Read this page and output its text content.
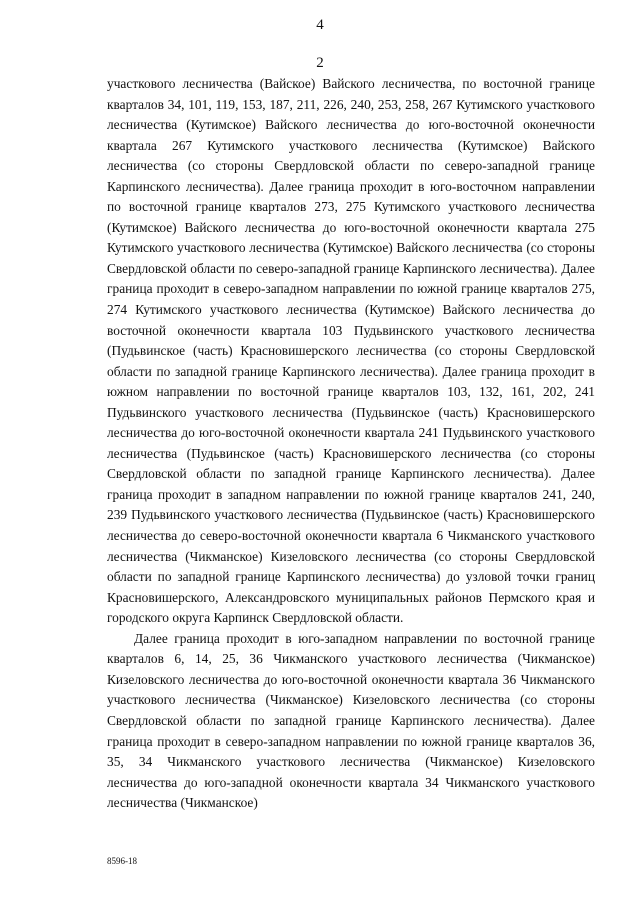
4
2

участкового лесничества (Вайское) Вайского лесничества, по восточной границе кварталов 34, 101, 119, 153, 187, 211, 226, 240, 253, 258, 267 Кутимского участкового лесничества (Кутимское) Вайского лесничества до юго-восточной оконечности квартала 267 Кутимского участкового лесничества (Кутимское) Вайского лесничества (со стороны Свердловской области по северо-западной границе Карпинского лесничества). Далее граница проходит в юго-восточном направлении по восточной границе кварталов 273, 275 Кутимского участкового лесничества (Кутимское) Вайского лесничества до юго-восточной оконечности квартала 275 Кутимского участкового лесничества (Кутимское) Вайского лесничества (со стороны Свердловской области по северо-западной границе Карпинского лесничества). Далее граница проходит в северо-западном направлении по южной границе кварталов 275, 274 Кутимского участкового лесничества (Кутимское) Вайского лесничества до восточной оконечности квартала 103 Пудьвинского участкового лесничества (Пудьвинское (часть) Красновишерского лесничества (со стороны Свердловской области по западной границе Карпинского лесничества). Далее граница проходит в южном направлении по восточной границе кварталов 103, 132, 161, 202, 241 Пудьвинского участкового лесничества (Пудьвинское (часть) Красновишерского лесничества до юго-восточной оконечности квартала 241 Пудьвинского участкового лесничества (Пудьвинское (часть) Красновишерского лесничества (со стороны Свердловской области по западной границе Карпинского лесничества). Далее граница проходит в западном направлении по южной границе кварталов 241, 240, 239 Пудьвинского участкового лесничества (Пудьвинское (часть) Красновишерского лесничества до северо-восточной оконечности квартала 6 Чикманского участкового лесничества (Чикманское) Кизеловского лесничества (со стороны Свердловской области по западной границе Карпинского лесничества) до узловой точки границ Красновишерского, Александровского муниципальных районов Пермского края и городского округа Карпинск Свердловской области.

Далее граница проходит в юго-западном направлении по восточной границе кварталов 6, 14, 25, 36 Чикманского участкового лесничества (Чикманское) Кизеловского лесничества до юго-восточной оконечности квартала 36 Чикманского участкового лесничества (Чикманское) Кизеловского лесничества (со стороны Свердловской области по западной границе Карпинского лесничества). Далее граница проходит в северо-западном направлении по южной границе кварталов 36, 35, 34 Чикманского участкового лесничества (Чикманское) Кизеловского лесничества до юго-западной оконечности квартала 34 Чикманского участкового лесничества (Чикманское)

8596-18
